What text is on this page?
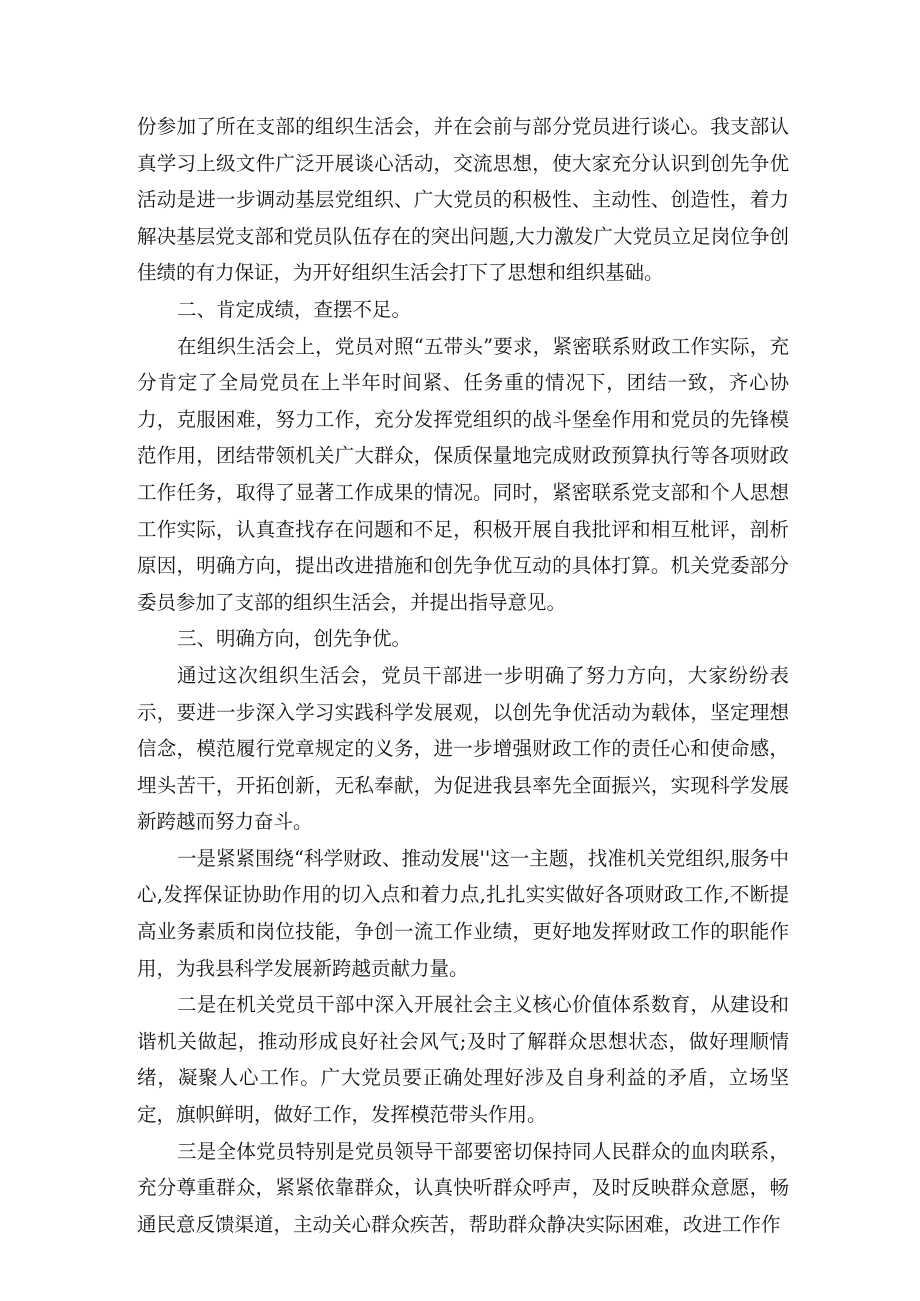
份参加了所在支部的组织生活会，并在会前与部分党员进行谈心。我支部认真学习上级文件广泛开展谈心活动，交流思想，使大家充分认识到创先争优活动是进一步调动基层党组织、广大党员的积极性、主动性、创造性，着力解决基层党支部和党员队伍存在的突出问题,大力激发广大党员立足岗位争创佳绩的有力保证，为开好组织生活会打下了思想和组织基础。

二、肯定成绩，查摆不足。

在组织生活会上，党员对照“五带头”要求，紧密联系财政工作实际，充分肯定了全局党员在上半年时间紧、任务重的情况下，团结一致，齐心协力，克服困难，努力工作，充分发挥党组织的战斗堡垒作用和党员的先锋模范作用，团结带领机关广大群众，保质保量地完成财政预算执行等各项财政工作任务，取得了显著工作成果的情况。同时，紧密联系党支部和个人思想工作实际，认真查找存在问题和不足，积极开展自我批评和相互枇评，剖析原因，明确方向，提出改进措施和创先争优互动的具体打算。机关党委部分委员参加了支部的组织生活会，并提出指导意见。

三、明确方向，创先争优。

通过这次组织生活会，党员干部进一步明确了努力方向，大家纷纷表示，要进一步深入学习实践科学发展观，以创先争优活动为载体，坚定理想信念，模范履行党章规定的义务，进一步增强财政工作的责任心和使命感，埋头苦干，开拓创新，无私奉献，为促进我县率先全面振兴，实现科学发展新跨越而努力奋斗。

一是紧紧围绕“科学财政、推动发展''这一主题，找准机关党组织,服务中心,发挥保证协助作用的切入点和着力点,扎扎实实做好各项财政工作,不断提高业务素质和岗位技能，争创一流工作业绩，更好地发挥财政工作的职能作用，为我县科学发展新跨越贡献力量。

二是在机关党员干部中深入开展社会主义核心价值体系数育，从建设和谐机关做起，推动形成良好社会风气;及时了解群众思想状态，做好理顺情绪，凝聚人心工作。广大党员要正确处理好涉及自身利益的矛盾，立场坚定，旗帜鲜明，做好工作，发挥模范带头作用。

三是全体党员特别是党员领导干部要密切保持同人民群众的血肉联系，充分尊重群众，紧紧依靠群众，认真快听群众呼声，及时反映群众意愿，畅通民意反馈渠道，主动关心群众疾苦，帮助群众静决实际困难，改进工作作
